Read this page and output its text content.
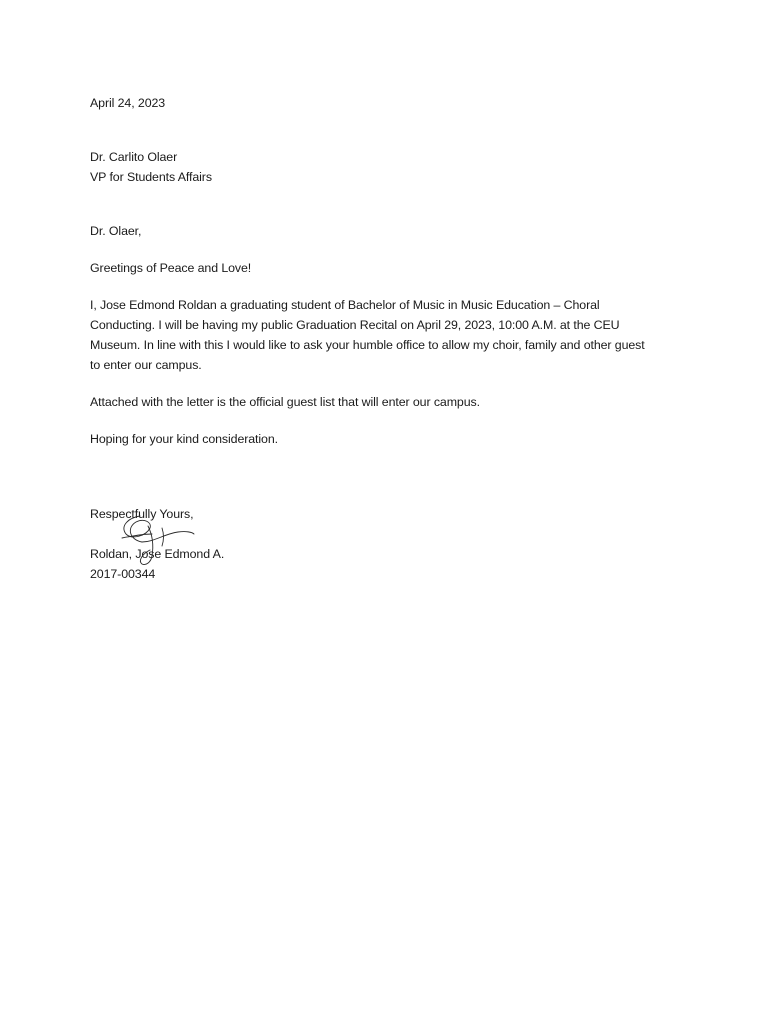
April 24, 2023
Dr. Carlito Olaer
VP for Students Affairs
Dr. Olaer,
Greetings of Peace and Love!
I, Jose Edmond Roldan a graduating student of Bachelor of Music in Music Education – Choral
Conducting. I will be having my public Graduation Recital on April 29, 2023, 10:00 A.M. at the CEU
Museum. In line with this I would like to ask your humble office to allow my choir, family and other guest
to enter our campus.
Attached with the letter is the official guest list that will enter our campus.
Hoping for your kind consideration.
Respectfully Yours,

Roldan, Jose Edmond A.
2017-00344
